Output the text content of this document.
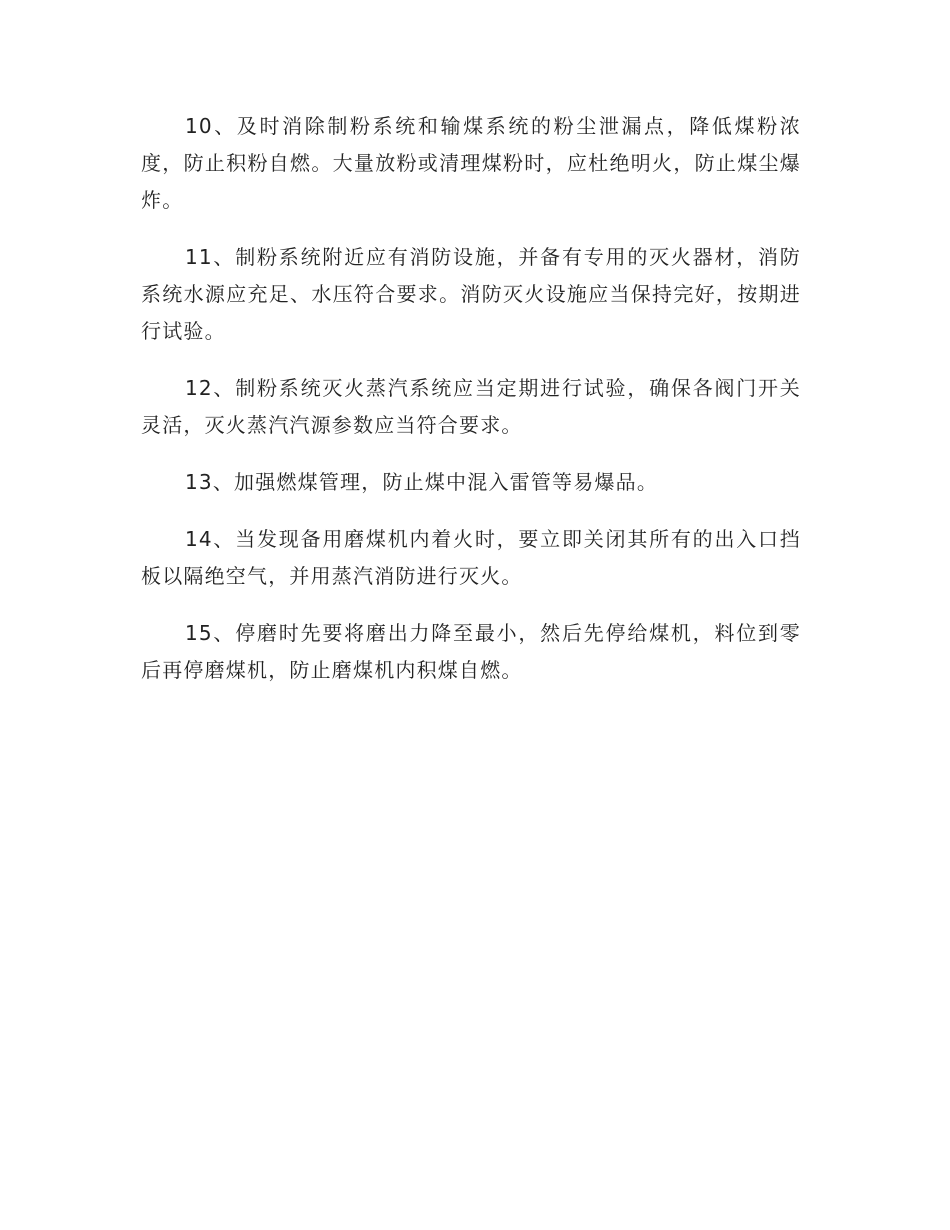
10、及时消除制粉系统和输煤系统的粉尘泄漏点，降低煤粉浓度，防止积粉自燃。大量放粉或清理煤粉时，应杜绝明火，防止煤尘爆炸。

11、制粉系统附近应有消防设施，并备有专用的灭火器材，消防系统水源应充足、水压符合要求。消防灭火设施应当保持完好，按期进行试验。

12、制粉系统灭火蒸汽系统应当定期进行试验，确保各阀门开关灵活，灭火蒸汽汽源参数应当符合要求。

13、加强燃煤管理，防止煤中混入雷管等易爆品。

14、当发现备用磨煤机内着火时，要立即关闭其所有的出入口挡板以隔绝空气，并用蒸汽消防进行灭火。

15、停磨时先要将磨出力降至最小，然后先停给煤机，料位到零后再停磨煤机，防止磨煤机内积煤自燃。
